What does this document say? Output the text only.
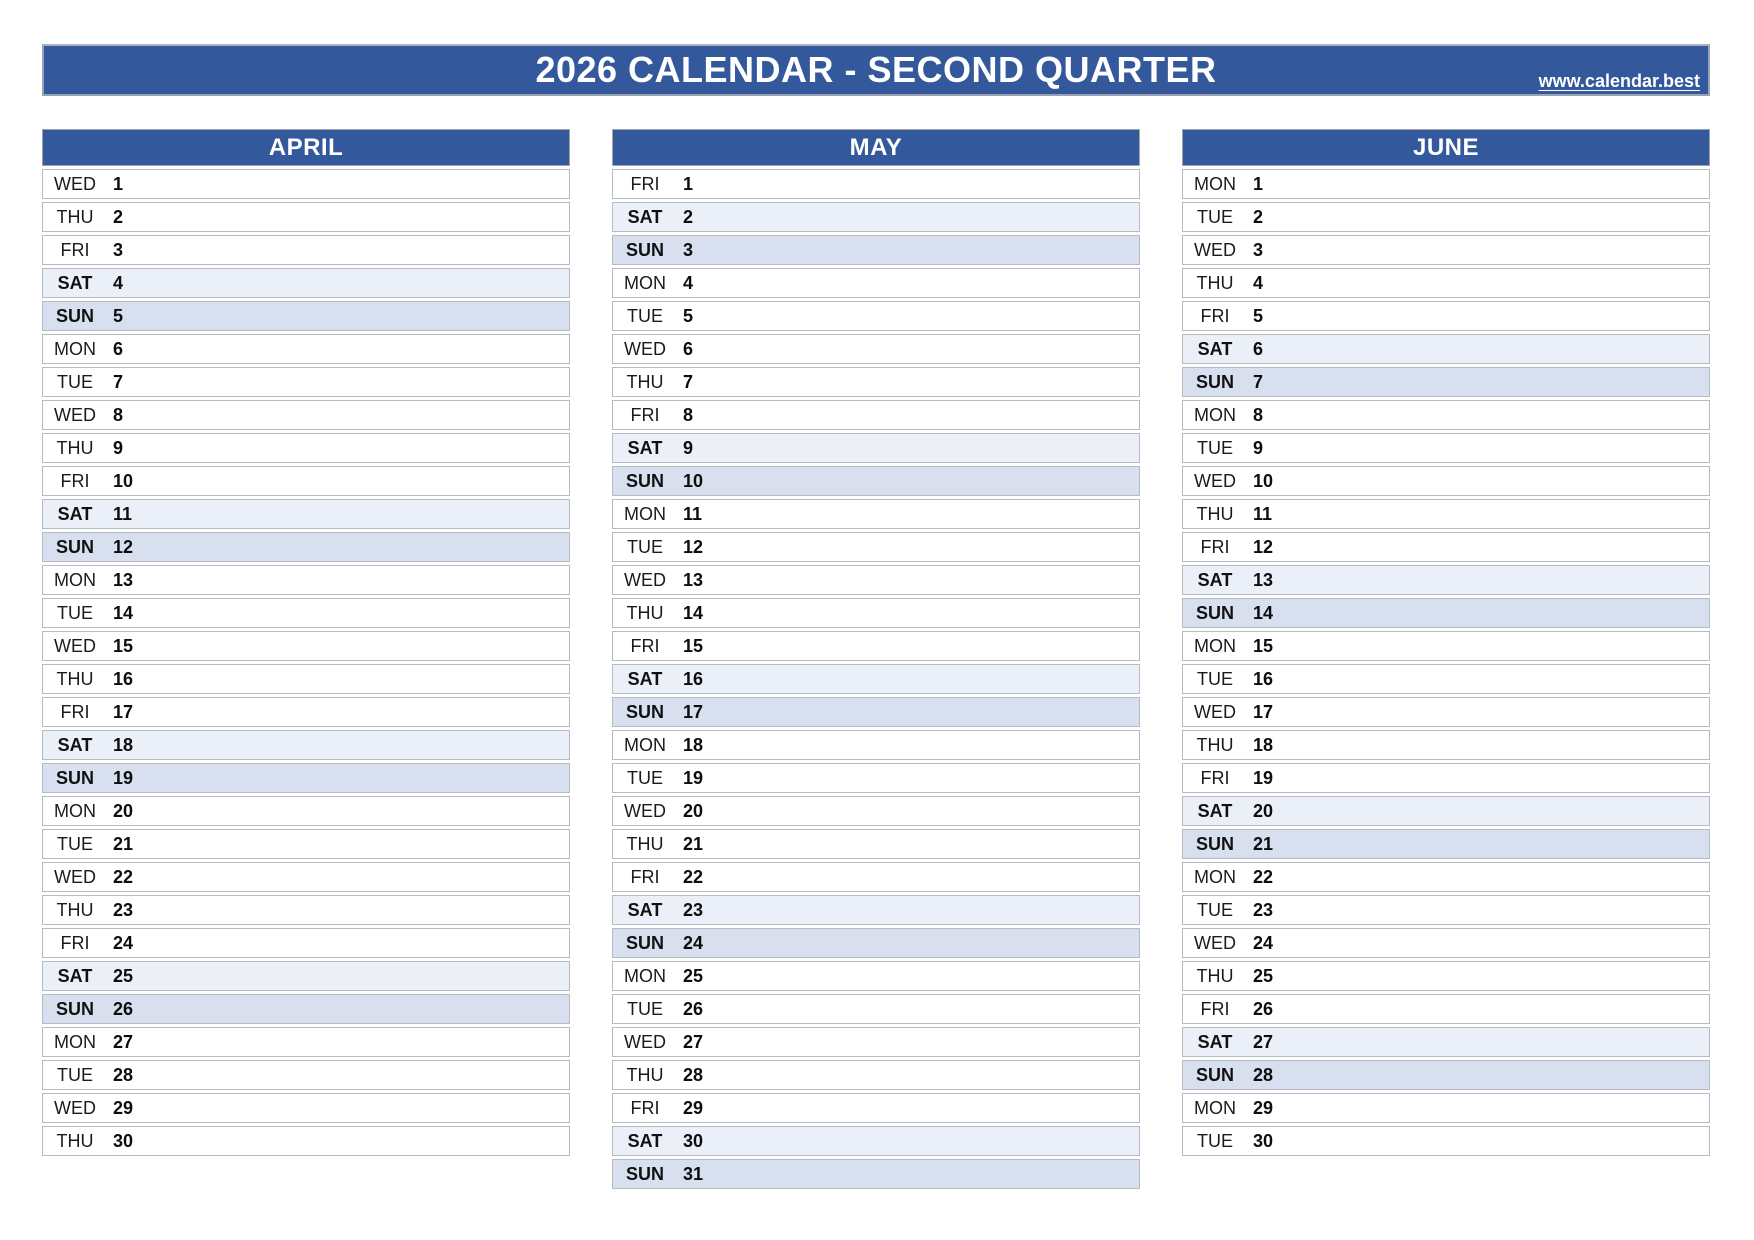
2026 CALENDAR - SECOND QUARTER	www.calendar.best
APRIL
WED 1
THU	2
FRI	3
SAT	4
SUN	5
MON 6
TUE	7
WED 8
THU	9
FRI	10
SAT	11
SUN	12
MON 13
TUE	14
WED 15
THU	16
FRI	17
SAT	18
SUN	19
MON 20
TUE	21
WED 22
THU	23
FRI	24
SAT	25
SUN	26
MON 27
TUE	28
WED 29
THU	30
MAY
FRI	1
SAT	2
SUN	3
MON 4
TUE	5
WED 6
THU	7
FRI	8
SAT	9
SUN	10
MON 11
TUE	12
WED 13
THU	14
FRI	15
SAT	16
SUN	17
MON 18
TUE	19
WED 20
THU	21
FRI	22
SAT	23
SUN	24
MON 25
TUE	26
WED 27
THU	28
FRI	29
SAT	30
SUN	31
JUNE
MON 1
TUE	2
WED 3
THU	4
FRI	5
SAT	6
SUN	7
MON 8
TUE	9
WED 10
THU	11
FRI	12
SAT	13
SUN	14
MON 15
TUE	16
WED 17
THU	18
FRI	19
SAT	20
SUN	21
MON 22
TUE	23
WED 24
THU	25
FRI	26
SAT	27
SUN	28
MON 29
TUE	30
